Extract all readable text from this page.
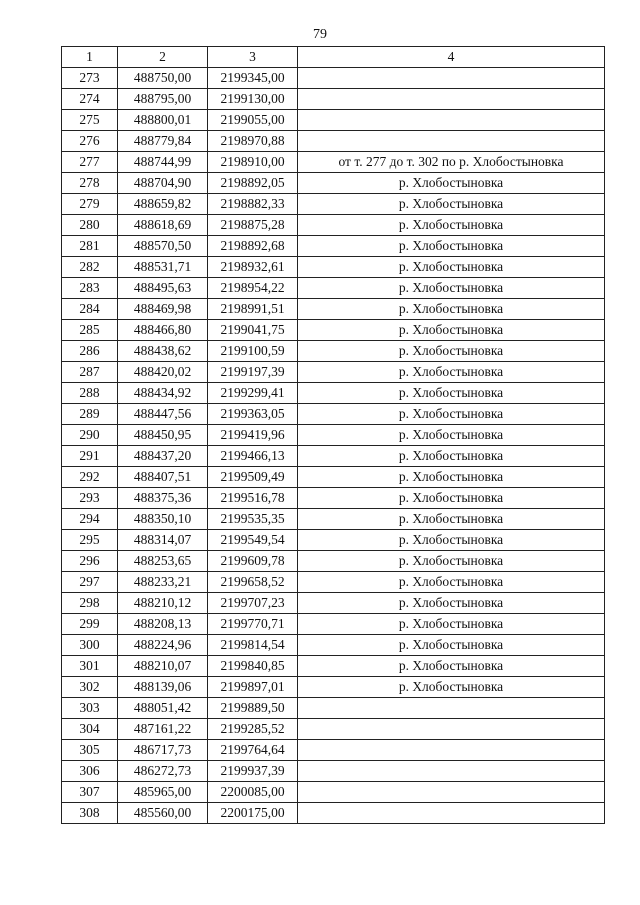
79
1	2	3	4
273	488750,00	2199345,00	
274	488795,00	2199130,00	
275	488800,01	2199055,00	
276	488779,84	2198970,88	
277	488744,99	2198910,00	от т. 277 до т. 302 по р. Хлобостыновка
278	488704,90	2198892,05	р. Хлобостыновка
279	488659,82	2198882,33	р. Хлобостыновка
280	488618,69	2198875,28	р. Хлобостыновка
281	488570,50	2198892,68	р. Хлобостыновка
282	488531,71	2198932,61	р. Хлобостыновка
283	488495,63	2198954,22	р. Хлобостыновка
284	488469,98	2198991,51	р. Хлобостыновка
285	488466,80	2199041,75	р. Хлобостыновка
286	488438,62	2199100,59	р. Хлобостыновка
287	488420,02	2199197,39	р. Хлобостыновка
288	488434,92	2199299,41	р. Хлобостыновка
289	488447,56	2199363,05	р. Хлобостыновка
290	488450,95	2199419,96	р. Хлобостыновка
291	488437,20	2199466,13	р. Хлобостыновка
292	488407,51	2199509,49	р. Хлобостыновка
293	488375,36	2199516,78	р. Хлобостыновка
294	488350,10	2199535,35	р. Хлобостыновка
295	488314,07	2199549,54	р. Хлобостыновка
296	488253,65	2199609,78	р. Хлобостыновка
297	488233,21	2199658,52	р. Хлобостыновка
298	488210,12	2199707,23	р. Хлобостыновка
299	488208,13	2199770,71	р. Хлобостыновка
300	488224,96	2199814,54	р. Хлобостыновка
301	488210,07	2199840,85	р. Хлобостыновка
302	488139,06	2199897,01	р. Хлобостыновка
303	488051,42	2199889,50	
304	487161,22	2199285,52	
305	486717,73	2199764,64	
306	486272,73	2199937,39	
307	485965,00	2200085,00	
308	485560,00	2200175,00	
